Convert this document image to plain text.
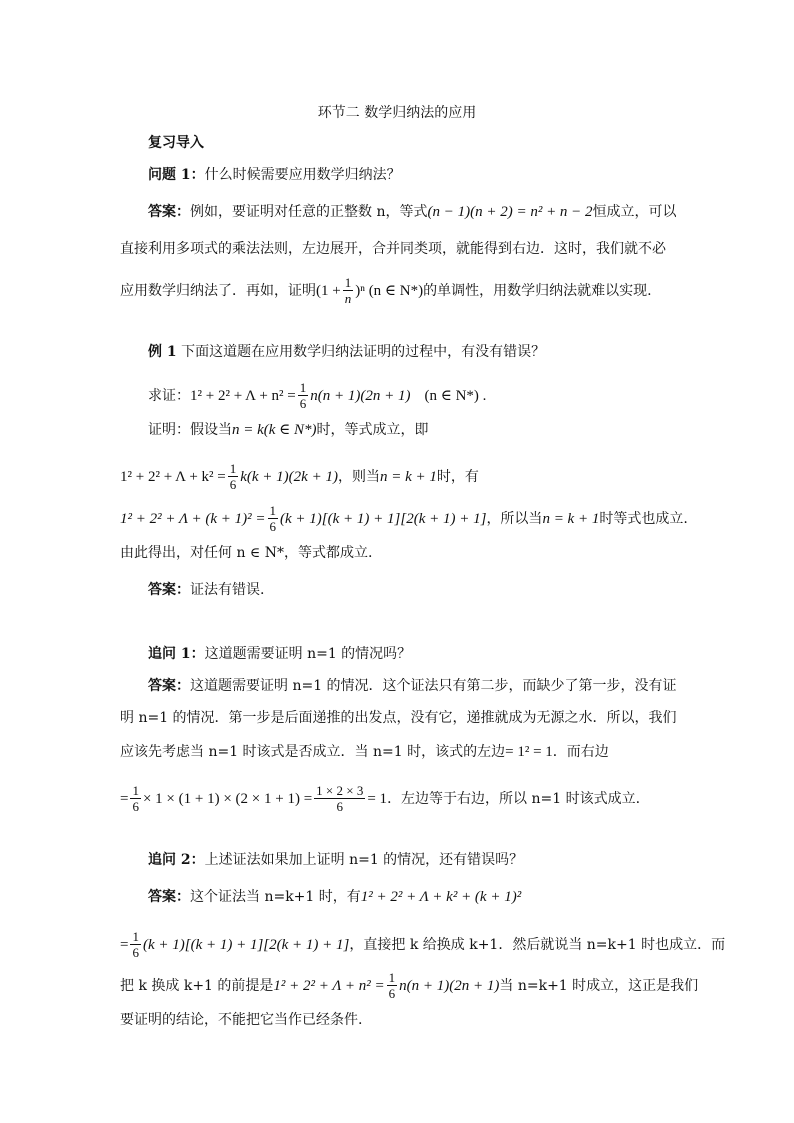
环节二 数学归纳法的应用
复习导入
问题 1： 什么时候需要应用数学归纳法？
答案： 例如，要证明对任意的正整数 n，等式 (n − 1)(n + 2) = n² + n − 2 恒成立，可以
直接利用多项式的乘法法则，左边展开，合并同类项，就能得到右边．这时，我们就不必
应用数学归纳法了．再如，证明 $(1 + \frac{1}{n} )^n$ (n ∈ N*) 的单调性，用数学归纳法就难以实现.
例 1
下面这道题在应用数学归纳法证明的过程中，有没有错误？
求证： $1^2 + 2^2 + \Lambda + n^2 = \frac{1}{6} n(n + 1)(2n + 1)$ (n ∈ N*) .
证明：假设当 n = k(k ∈ N*) 时，等式成立，即
$1^2 + 2^2 + \Lambda + k^2 = \frac{1}{6} k(k + 1)(2k + 1)$ ，则当 n = k + 1 时，有
$1^2 + 2^2 + \Lambda + (k + 1)^2 = \frac{1}{6} (k + 1)[(k + 1) + 1][2(k + 1) + 1]$ ，所以当 n = k + 1 时等式也成立.
由此得出，对任何 n ∈ N*，等式都成立.
答案： 证法有错误.
追问 1： 这道题需要证明 n=1 的情况吗？
答案： 这道题需要证明 n=1 的情况．这个证法只有第二步，而缺少了第一步，没有证
明 n=1 的情况．第一步是后面递推的出发点，没有它，递推就成为无源之水．所以，我们
应该先考虑当 n=1 时该式是否成立．当 n=1 时，该式的左边 = 1² = 1 ．而右边
= $\frac{1}{6} \times 1 \times (1 + 1) \times (2 \times 1 + 1) = \frac{1 \times 2 \times 3}{6} = 1$ ．左边等于右边，所以 n=1 时该式成立.
追问 2： 上述证法如果加上证明 n=1 的情况，还有错误吗？
答案： 这个证法当 n=k+1 时，有 1² + 2² + Λ + k² + (k + 1)²
= $\frac{1}{6} (k + 1)[(k + 1) + 1][2(k + 1) + 1]$ ，直接把 k 给换成 k+1．然后就说当 n=k+1 时也成立．而
把 k 换成 k+1 的前提是 $1^2 + 2^2 + \Lambda + n^2 = \frac{1}{6} n(n + 1)(2n + 1)$ 当 n=k+1 时成立，这正是我们
要证明的结论，不能把它当作已经条件.
